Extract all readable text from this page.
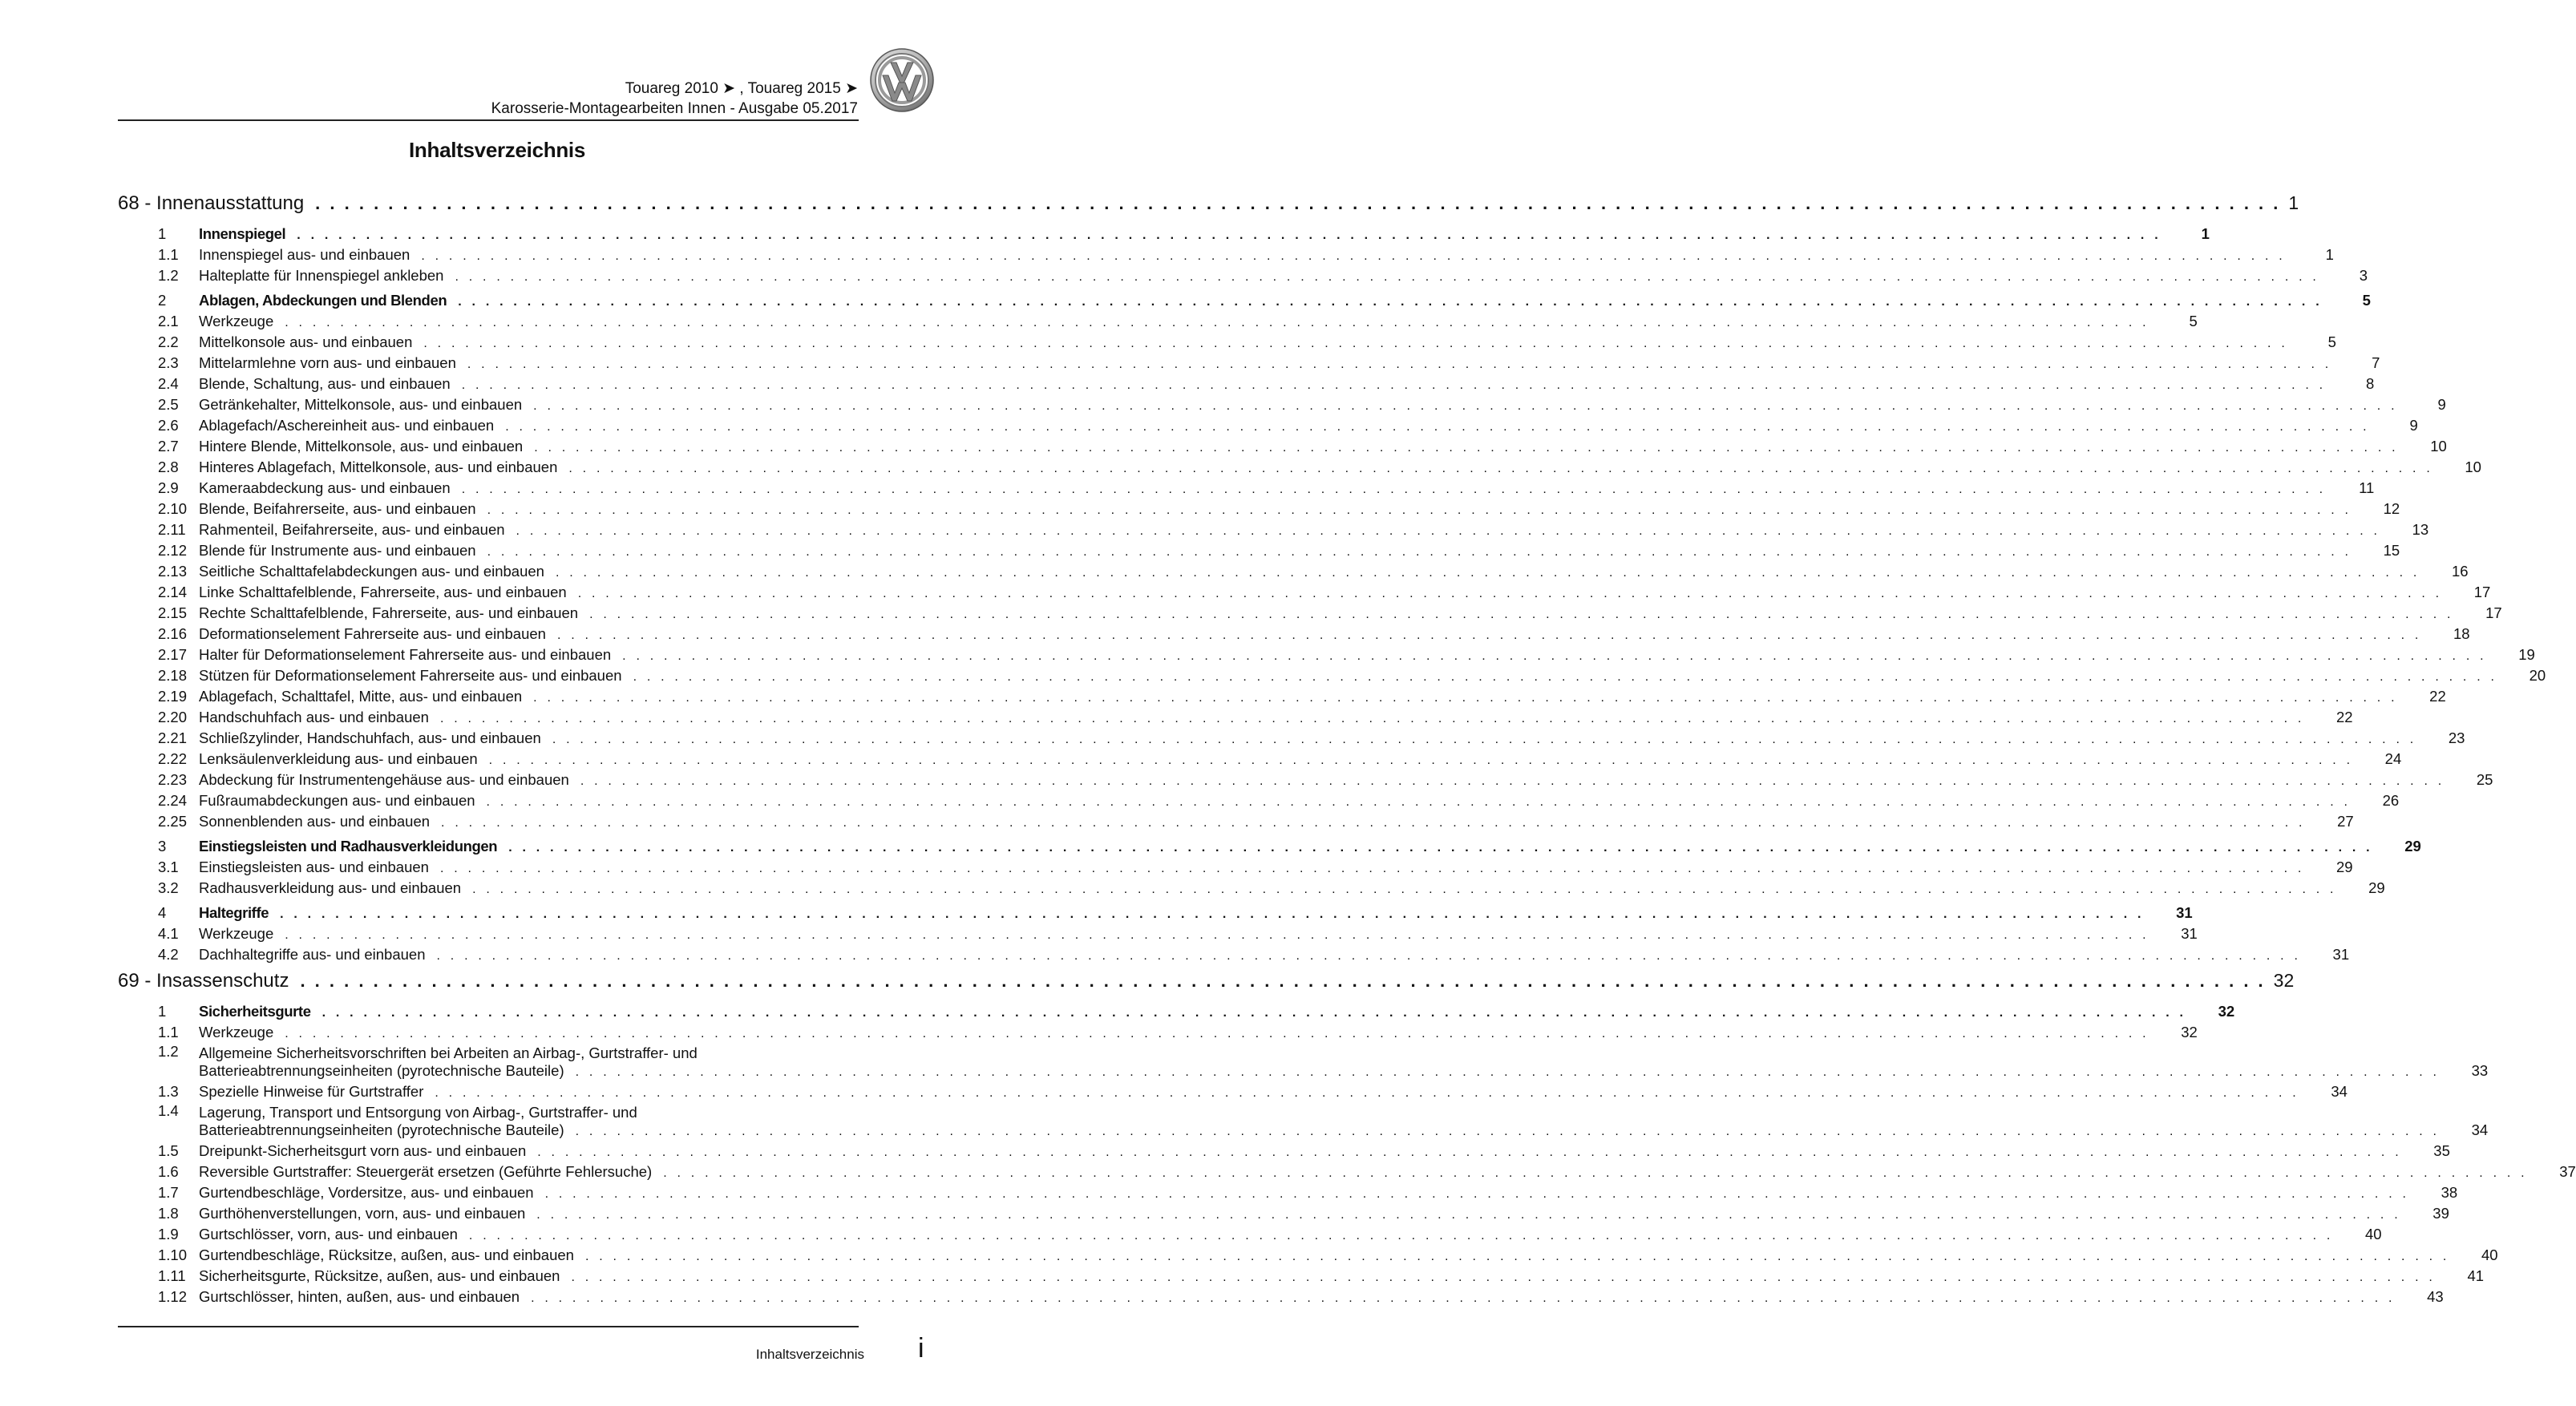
Touareg 2010 ➤ , Touareg 2015 ➤
Karosserie-Montagearbeiten Innen - Ausgabe 05.2017
Inhaltsverzeichnis
68 - Innenausstattung . . .	1
1	Innenspiegel . . .	1
1.1	Innenspiegel aus- und einbauen . . .	1
1.2	Halteplatte für Innenspiegel ankleben . . .	3
2	Ablagen, Abdeckungen und Blenden . . .	5
2.1	Werkzeuge . . .	5
2.2	Mittelkonsole aus- und einbauen . . .	5
2.3	Mittelarmlehne vorn aus- und einbauen . . .	7
2.4	Blende, Schaltung, aus- und einbauen . . .	8
2.5	Getränkehalter, Mittelkonsole, aus- und einbauen . . .	9
2.6	Ablagefach/Aschereinheit aus- und einbauen . . .	9
2.7	Hintere Blende, Mittelkonsole, aus- und einbauen . . .	10
2.8	Hinteres Ablagefach, Mittelkonsole, aus- und einbauen . . .	10
2.9	Kameraabdeckung aus- und einbauen . . .	11
2.10 Blende, Beifahrerseite, aus- und einbauen . . .	12
2.11 Rahmenteil, Beifahrerseite, aus- und einbauen . . .	13
2.12 Blende für Instrumente aus- und einbauen . . .	15
2.13 Seitliche Schalttafelabdeckungen aus- und einbauen . . .	16
2.14 Linke Schalttafelblende, Fahrerseite, aus- und einbauen . . .	17
2.15 Rechte Schalttafelblende, Fahrerseite, aus- und einbauen . . .	17
2.16 Deformationselement Fahrerseite aus- und einbauen . . .	18
2.17 Halter für Deformationselement Fahrerseite aus- und einbauen . . .	19
2.18 Stützen für Deformationselement Fahrerseite aus- und einbauen . . .	20
2.19 Ablagefach, Schalttafel, Mitte, aus- und einbauen . . .	22
2.20 Handschuhfach aus- und einbauen . . .	22
2.21 Schließzylinder, Handschuhfach, aus- und einbauen . . .	23
2.22 Lenksäulenverkleidung aus- und einbauen . . .	24
2.23 Abdeckung für Instrumentengehäuse aus- und einbauen . . .	25
2.24 Fußraumabdeckungen aus- und einbauen . . .	26
2.25 Sonnenblenden aus- und einbauen . . .	27
3	Einstiegsleisten und Radhausverkleidungen . . .	29
3.1	Einstiegsleisten aus- und einbauen . . .	29
3.2	Radhausverkleidung aus- und einbauen . . .	29
4	Haltegriffe . . .	31
4.1	Werkzeuge . . .	31
4.2	Dachhaltegriffe aus- und einbauen . . .	31
69 - Insassenschutz . . .	32
1	Sicherheitsgurte . . .	32
1.1	Werkzeuge . . .	32
1.2	Allgemeine Sicherheitsvorschriften bei Arbeiten an Airbag-, Gurtstraffer- und
Batterieabtrennungseinheiten (pyrotechnische Bauteile) . . .	33
1.3	Spezielle Hinweise für Gurtstraffer . . .	34
1.4	Lagerung, Transport und Entsorgung von Airbag-, Gurtstraffer- und
Batterieabtrennungseinheiten (pyrotechnische Bauteile) . . .	34
1.5	Dreipunkt-Sicherheitsgurt vorn aus- und einbauen . . .	35
1.6	Reversible Gurtstraffer: Steuergerät ersetzen (Geführte Fehlersuche) . . .	37
1.7	Gurtendbeschläge, Vordersitze, aus- und einbauen . . .	38
1.8	Gurthöhenverstellungen, vorn, aus- und einbauen . . .	39
1.9	Gurtschlösser, vorn, aus- und einbauen . . .	40
1.10 Gurtendbeschläge, Rücksitze, außen, aus- und einbauen . . .	40
1.11 Sicherheitsgurte, Rücksitze, außen, aus- und einbauen . . .	41
1.12 Gurtschlösser, hinten, außen, aus- und einbauen . . .	43
Inhaltsverzeichnis i
